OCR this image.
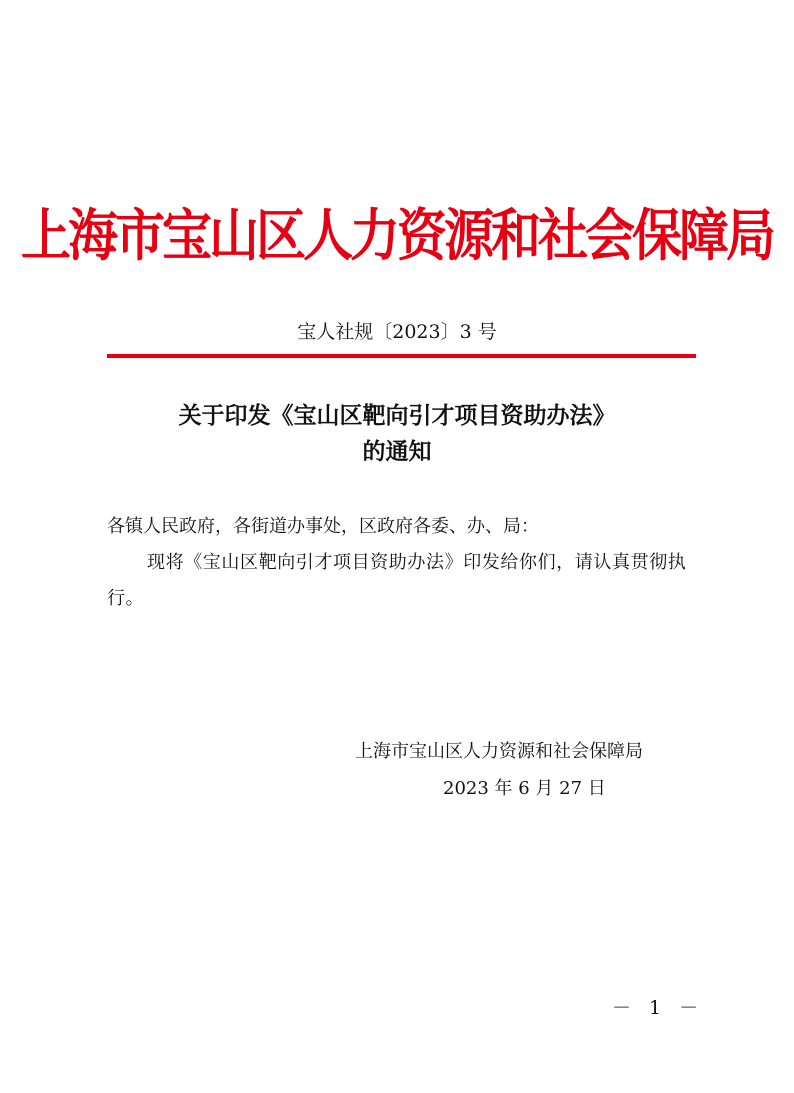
上海市宝山区人力资源和社会保障局
宝人社规〔2023〕3 号
关于印发《宝山区靶向引才项目资助办法》
的通知
各镇人民政府，各街道办事处，区政府各委、办、局：
现将《宝山区靶向引才项目资助办法》印发给你们，请认真贯彻执行。
上海市宝山区人力资源和社会保障局
2023 年 6 月 27 日
－ 1 －
